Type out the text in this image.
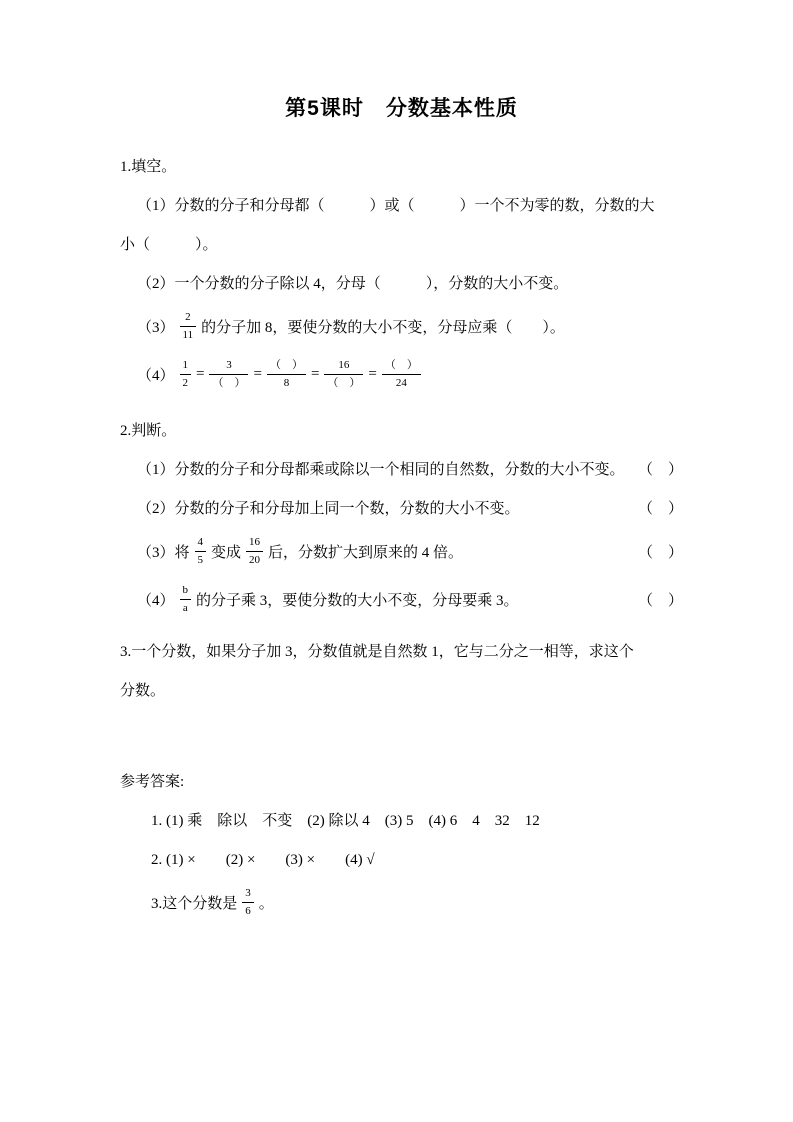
第5课时　分数基本性质
1.填空。
（1）分数的分子和分母都（　　　）或（　　　）一个不为零的数，分数的大
小（　　　）。
（2）一个分数的分子除以 4，分母（　　　），分数的大小不变。
$(3) \frac{2}{11}$ 的分子加 8，要使分数的大小不变，分母应乘（　　）。
$(4) \frac{1}{2} = \frac{3}{( )} = \frac{( )}{8} = \frac{16}{( )} = \frac{( )}{24}$
2.判断。
（1）分数的分子和分母都乘或除以一个相同的自然数，分数的大小不变。 （　）
（2）分数的分子和分母加上同一个数，分数的大小不变。	（　）
（3）将 $\frac{4}{5}$ 变成 $\frac{16}{20}$ 后，分数扩大到原来的 4 倍。	（　）
$(4) \frac{b}{a}$ 的分子乘 3，要使分数的大小不变，分母要乘 3。	（　）
3.一个分数，如果分子加 3，分数值就是自然数 1，它与二分之一相等，求这个
分数。
参考答案:
1. (1) 乘　除以　不变　(2) 除以 4　(3) 5　(4) 6　4　32　12
2. (1) ×　　(2) ×　　(3) ×　　(4) √
3.这个分数是 $\frac{3}{6}$ 。
